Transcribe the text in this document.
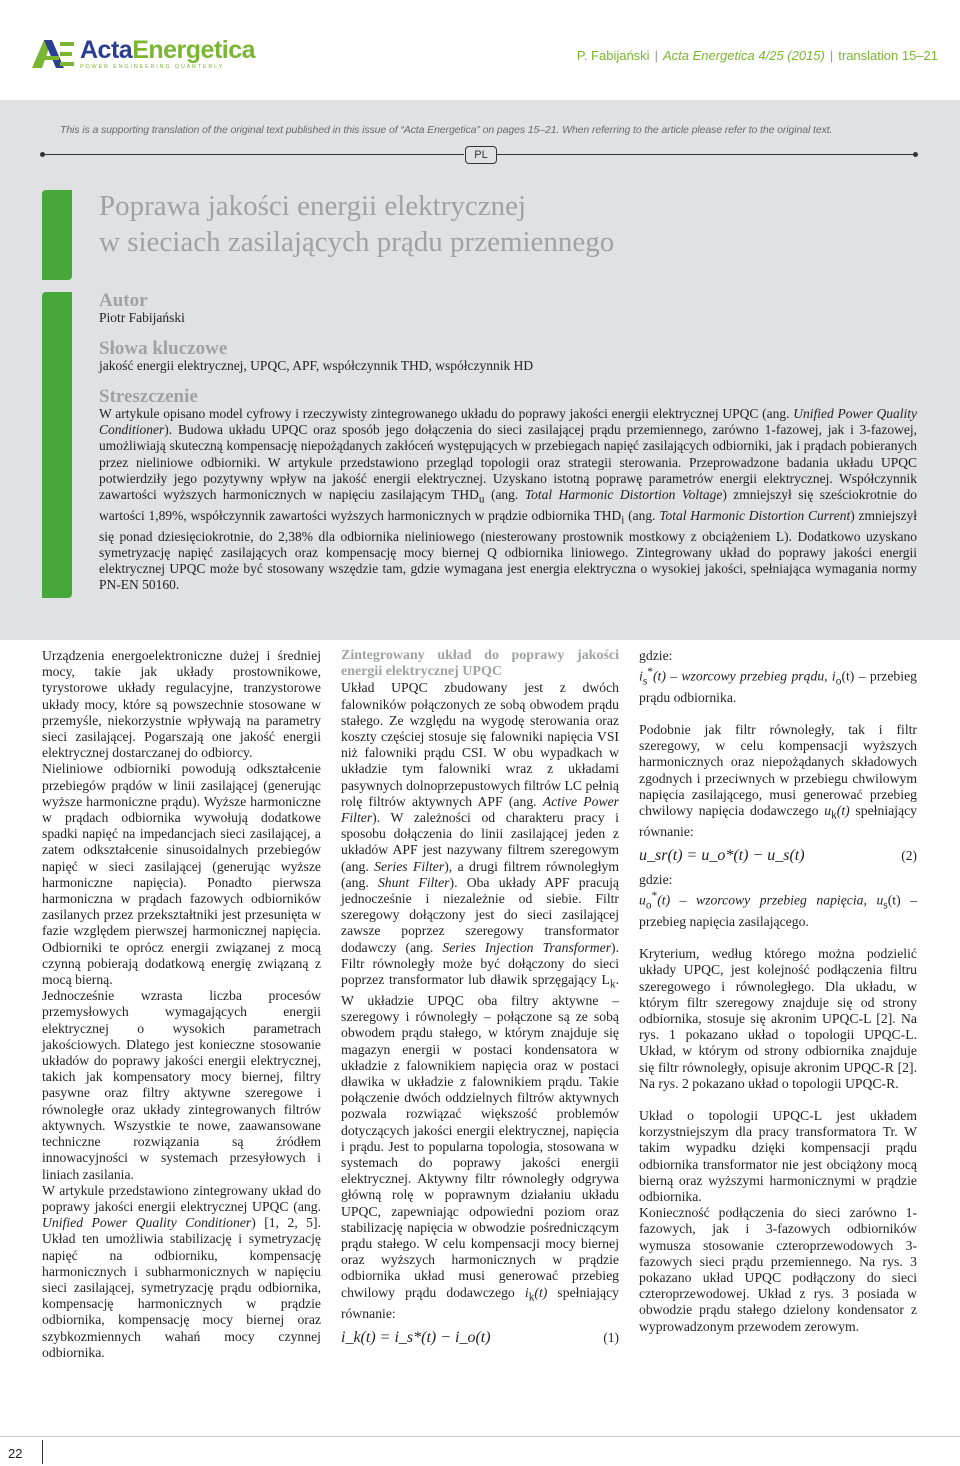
ActaEnergetica
POWER ENGINEERING QUARTERLY
P. Fabijański | Acta Energetica 4/25 (2015) | translation 15–21
This is a supporting translation of the original text published in this issue of “Acta Energetica” on pages 15–21. When referring to the article please refer to the original text.
PL
Poprawa jakości energii elektrycznej
w sieciach zasilających prądu przemiennego
Autor
Piotr Fabijański
Słowa kluczowe
jakość energii elektrycznej, UPQC, APF, współczynnik THD, współczynnik HD
Streszczenie

W artykule opisano model cyfrowy i rzeczywisty zintegrowanego układu do poprawy jakości energii elektrycznej UPQC (ang. Unified Power Quality Conditioner). Budowa układu UPQC oraz sposób jego dołączenia do sieci zasilającej prądu przemiennego, zarówno 1-fazowej, jak i 3-fazowej, umożliwiają skuteczną kompensację niepożądanych zakłóceń występujących w przebiegach napięć zasilających odbiorniki, jak i prądach pobieranych przez nieliniowe odbiorniki. W artykule przedstawiono przegląd topologii oraz strategii sterowania. Przeprowadzone badania układu UPQC potwierdziły jego pozytywny wpływ na jakość energii elektrycznej. Uzyskano istotną poprawę parametrów energii elektrycznej. Współczynnik zawartości wyższych harmonicznych w napięciu zasilającym $THD_u$ (ang. Total Harmonic Distortion Voltage) zmniejszył się sześciokrotnie do wartości 1,89%, współczynnik zawartości wyższych harmonicznych w prądzie odbiornika $THD_i$ (ang. Total Harmonic Distortion Current) zmniejszył się ponad dziesięciokrotnie, do 2,38% dla odbiornika nieliniowego (niesterowany prostownik mostkowy z obciążeniem L). Dodatkowo uzyskano symetryzację napięć zasilających oraz kompensację mocy biernej Q odbiornika liniowego. Zintegrowany układ do poprawy jakości energii elektrycznej UPQC może być stosowany wszędzie tam, gdzie wymagana jest energia elektryczna o wysokiej jakości, spełniająca wymagania normy PN-EN 50160.

Urządzenia energoelektroniczne dużej i średniej mocy, takie jak układy prostownikowe, tyrystorowe układy regulacyjne, tranzystorowe układy mocy, które są powszechnie stosowane w przemyśle, niekorzystnie wpływają na parametry sieci zasilającej. Pogarszają one jakość energii elektrycznej dostarczanej do odbiorcy.

Nieliniowe odbiorniki powodują odkształcenie przebiegów prądów w linii zasilającej (generując wyższe harmoniczne prądu). Wyższe harmoniczne w prądach odbiornika wywołują dodatkowe spadki napięć na impedancjach sieci zasilającej, a zatem odkształcenie sinusoidalnych przebiegów napięć w sieci zasilającej (generując wyższe harmoniczne napięcia). Ponadto pierwsza harmoniczna w prądach fazowych odbiorników zasilanych przez przekształtniki jest przesunięta w fazie względem pierwszej harmonicznej napięcia. Odbiorniki te oprócz energii związanej z mocą czynną pobierają dodatkową energię związaną z mocą bierną.

Jednocześnie wzrasta liczba procesów przemysłowych wymagających energii elektrycznej o wysokich parametrach jakościowych. Dlatego jest konieczne stosowanie układów do poprawy jakości energii elektrycznej, takich jak kompensatory mocy biernej, filtry pasywne oraz filtry aktywne szeregowe i równoległe oraz układy zintegrowanych filtrów aktywnych. Wszystkie te nowe, zaawansowane techniczne rozwiązania są źródłem innowacyjności w systemach przesyłowych i liniach zasilania.

W artykule przedstawiono zintegrowany układ do poprawy jakości energii elektrycznej UPQC (ang. Unified Power Quality Conditioner) [1, 2, 5]. Układ ten umożliwia stabilizację i symetryzację napięć na odbiorniku, kompensację harmonicznych i subharmonicznych w napięciu sieci zasilającej, symetryzację prądu odbiornika, kompensację harmonicznych w prądzie odbiornika, kompensację mocy biernej oraz szybkozmiennych wahań mocy czynnej odbiornika.

Zintegrowany układ do poprawy jakości energii elektrycznej UPQC

Układ UPQC zbudowany jest z dwóch falowników połączonych ze sobą obwodem prądu stałego. Ze względu na wygodę sterowania oraz koszty częściej stosuje się falowniki napięcia VSI niż falowniki prądu CSI. W obu wypadkach w układzie tym falowniki wraz z układami pasywnych dolnoprzepustowych filtrów LC pełnią rolę filtrów aktywnych APF (ang. Active Power Filter). W zależności od charakteru pracy i sposobu dołączenia do linii zasilającej jeden z układów APF jest nazywany filtrem szeregowym (ang. Series Filter), a drugi filtrem równoległym (ang. Shunt Filter). Oba układy APF pracują jednocześnie i niezależnie od siebie. Filtr szeregowy dołączony jest do sieci zasilającej zawsze poprzez szeregowy transformator dodawczy (ang. Series Injection Transformer). Filtr równoległy może być dołączony do sieci poprzez transformator lub dławik sprzęgający $L_k$. W układzie UPQC oba filtry aktywne – szeregowy i równoległy – połączone są ze sobą obwodem prądu stałego, w którym znajduje się magazyn energii w postaci kondensatora w układzie z falownikiem napięcia oraz w postaci dławika w układzie z falownikiem prądu. Takie połączenie dwóch oddzielnych filtrów aktywnych pozwala rozwiązać większość problemów dotyczących jakości energii elektrycznej, napięcia i prądu. Jest to popularna topologia, stosowana w systemach do poprawy jakości energii elektrycznej. Aktywny filtr równoległy odgrywa główną rolę w poprawnym działaniu układu UPQC, zapewniając odpowiedni poziom oraz stabilizację napięcia w obwodzie pośredniczącym prądu stałego. W celu kompensacji mocy biernej oraz wyższych harmonicznych w prądzie odbiornika układ musi generować przebieg chwilowy prądu dodawczego $i_k(t)$ spełniający równanie:

i_k(t) = i_s*(t) − i_o(t)	(1)

gdzie:

$i_s^*(t)$ – wzorcowy przebieg prądu, $i_o(t)$ – przebieg prądu odbiornika.

Podobnie jak filtr równoległy, tak i filtr szeregowy, w celu kompensacji wyższych harmonicznych oraz niepożądanych składowych zgodnych i przeciwnych w przebiegu chwilowym napięcia zasilającego, musi generować przebieg chwilowy napięcia dodawczego $u_k(t)$ spełniający równanie:

u_sr(t) = u_o*(t) − u_s(t)	(2)

gdzie:

$u_o^*(t)$ – wzorcowy przebieg napięcia, $u_s(t)$ – przebieg napięcia zasilającego.

Kryterium, według którego można podzielić układy UPQC, jest kolejność podłączenia filtru szeregowego i równoległego. Dla układu, w którym filtr szeregowy znajduje się od strony odbiornika, stosuje się akronim UPQC-L [2]. Na rys. 1 pokazano układ o topologii UPQC-L. Układ, w którym od strony odbiornika znajduje się filtr równoległy, opisuje akronim UPQC-R [2]. Na rys. 2 pokazano układ o topologii UPQC-R.

Układ o topologii UPQC-L jest układem korzystniejszym dla pracy transformatora Tr. W takim wypadku dzięki kompensacji prądu odbiornika transformator nie jest obciążony mocą bierną oraz wyższymi harmonicznymi w prądzie odbiornika.

Konieczność podłączenia do sieci zarówno 1-fazowych, jak i 3-fazowych odbiorników wymusza stosowanie czteroprzewodowych 3-fazowych sieci prądu przemiennego. Na rys. 3 pokazano układ UPQC podłączony do sieci czteroprzewodowej. Układ z rys. 3 posiada w obwodzie prądu stałego dzielony kondensator z wyprowadzonym przewodem zerowym.

22
